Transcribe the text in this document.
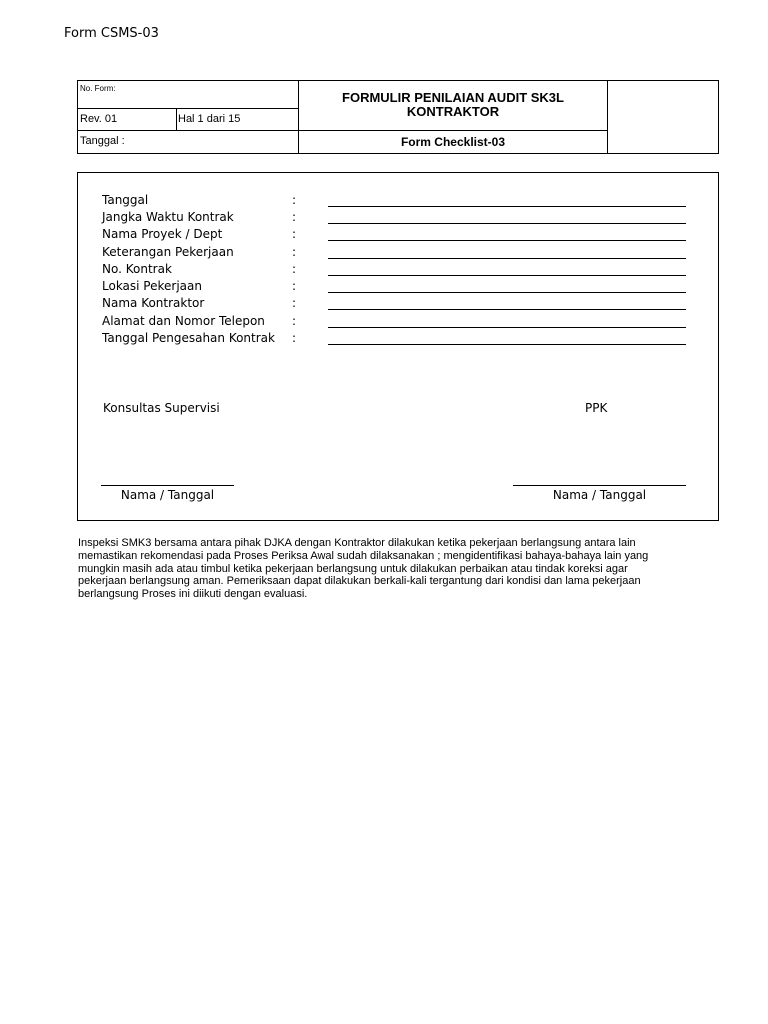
Form CSMS-03
No. Form:
Rev. 01	Hal 1 dari 15
Tanggal :
FORMULIR PENILAIAN AUDIT SK3L
KONTRAKTOR
Form Checklist-03
Tanggal	:
Jangka Waktu Kontrak	:
Nama Proyek / Dept	:
Keterangan Pekerjaan	:
No. Kontrak	:
Lokasi Pekerjaan	:
Nama Kontraktor	:
Alamat dan Nomor Telepon :
Tanggal Pengesahan Kontrak :
Konsultas Supervisi	PPK
Nama / Tanggal	Nama / Tanggal
Inspeksi SMK3 bersama antara pihak DJKA dengan Kontraktor dilakukan ketika pekerjaan berlangsung antara lain
memastikan rekomendasi pada Proses Periksa Awal sudah dilaksanakan ; mengidentifikasi bahaya-bahaya lain yang
mungkin masih ada atau timbul ketika pekerjaan berlangsung untuk dilakukan perbaikan atau tindak koreksi agar
pekerjaan berlangsung aman. Pemeriksaan dapat dilakukan berkali-kali tergantung dari kondisi dan lama pekerjaan
berlangsung Proses ini diikuti dengan evaluasi.
